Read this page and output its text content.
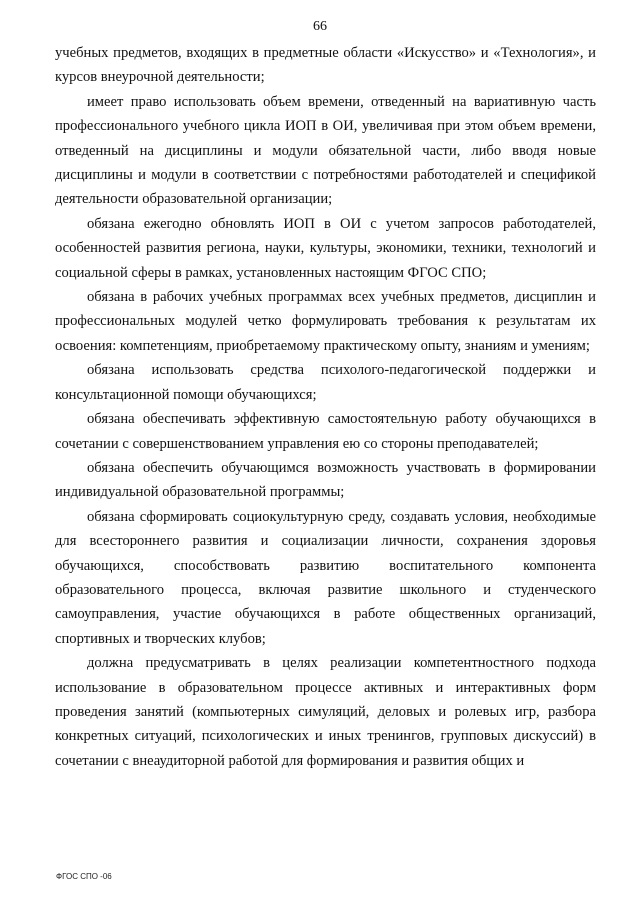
66

учебных предметов, входящих в предметные области «Искусство» и «Технология», и курсов внеурочной деятельности;

имеет право использовать объем времени, отведенный на вариативную часть профессионального учебного цикла ИОП в ОИ, увеличивая при этом объем времени, отведенный на дисциплины и модули обязательной части, либо вводя новые дисциплины и модули в соответствии с потребностями работодателей и спецификой деятельности образовательной организации;

обязана ежегодно обновлять ИОП в ОИ с учетом запросов работодателей, особенностей развития региона, науки, культуры, экономики, техники, технологий и социальной сферы в рамках, установленных настоящим ФГОС СПО;

обязана в рабочих учебных программах всех учебных предметов, дисциплин и профессиональных модулей четко формулировать требования к результатам их освоения: компетенциям, приобретаемому практическому опыту, знаниям и умениям;

обязана использовать средства психолого-педагогической поддержки и консультационной помощи обучающихся;

обязана обеспечивать эффективную самостоятельную работу обучающихся в сочетании с совершенствованием управления ею со стороны преподавателей;

обязана обеспечить обучающимся возможность участвовать в формировании индивидуальной образовательной программы;

обязана сформировать социокультурную среду, создавать условия, необходимые для всестороннего развития и социализации личности, сохранения здоровья обучающихся, способствовать развитию воспитательного компонента образовательного процесса, включая развитие школьного и студенческого самоуправления, участие обучающихся в работе общественных организаций, спортивных и творческих клубов;

должна предусматривать в целях реализации компетентностного подхода использование в образовательном процессе активных и интерактивных форм проведения занятий (компьютерных симуляций, деловых и ролевых игр, разбора конкретных ситуаций, психологических и иных тренингов, групповых дискуссий) в сочетании с внеаудиторной работой для формирования и развития общих и

ФГОС СПО -06
